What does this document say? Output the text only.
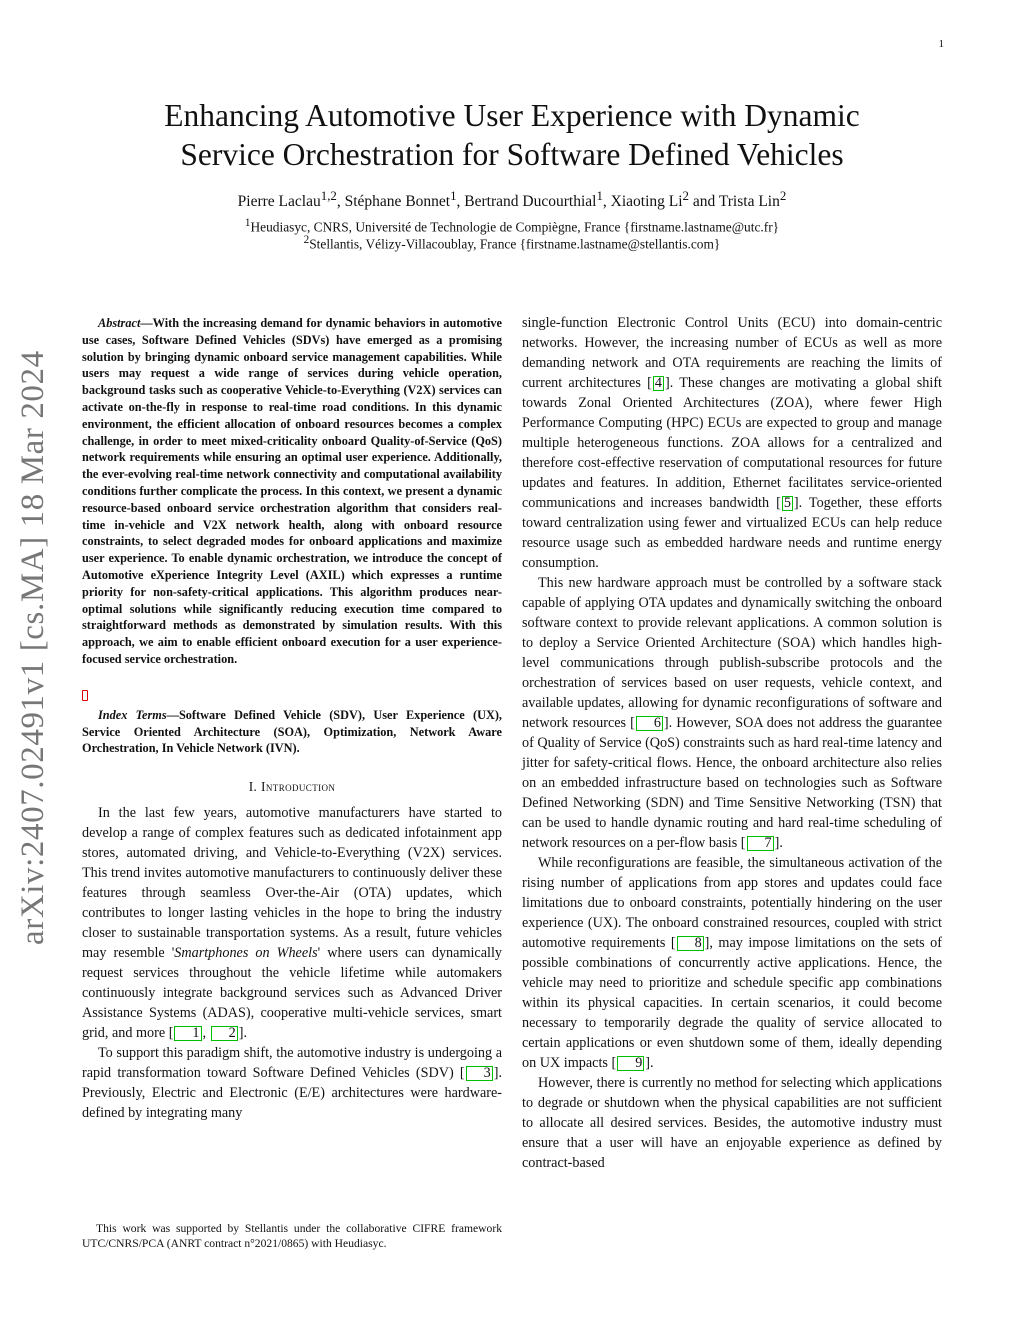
1
arXiv:2407.02491v1 [cs.MA] 18 Mar 2024
Enhancing Automotive User Experience with Dynamic
Service Orchestration for Software Defined Vehicles
Pierre Laclau$^{1,2}$, Stéphane Bonnet$^1$, Bertrand Ducourthial$^1$, Xiaoting Li$^2$ and Trista Lin$^2$
$^1$Heudiasyc, CNRS, Université de Technologie de Compiègne, France {firstname.lastname@utc.fr}
$^2$Stellantis, Vélizy-Villacoublay, France {firstname.lastname@stellantis.com}

Abstract—With the increasing demand for dynamic behaviors in automotive use cases, Software Defined Vehicles (SDVs) have emerged as a promising solution by bringing dynamic onboard service management capabilities. While users may request a wide range of services during vehicle operation, background tasks such as cooperative Vehicle-to-Everything (V2X) services can activate on-the-fly in response to real-time road conditions. In this dynamic environment, the efficient allocation of onboard resources becomes a complex challenge, in order to meet mixed-criticality onboard Quality-of-Service (QoS) network requirements while ensuring an optimal user experience. Additionally, the ever-evolving real-time network connectivity and computational availability conditions further complicate the process. In this context, we present a dynamic resource-based onboard service orchestration algorithm that considers real-time in-vehicle and V2X network health, along with onboard resource constraints, to select degraded modes for onboard applications and maximize user experience. To enable dynamic orchestration, we introduce the concept of Automotive eXperience Integrity Level (AXIL) which expresses a runtime priority for non-safety-critical applications. This algorithm produces near-optimal solutions while significantly reducing execution time compared to straightforward methods as demonstrated by simulation results. With this approach, we aim to enable efficient onboard execution for a user experience-focused service orchestration.

Index Terms—Software Defined Vehicle (SDV), User Experience (UX), Service Oriented Architecture (SOA), Optimization, Network Aware Orchestration, In Vehicle Network (IVN).

I. Introduction

In the last few years, automotive manufacturers have started to develop a range of complex features such as dedicated infotainment app stores, automated driving, and Vehicle-to-Everything (V2X) services. This trend invites automotive manufacturers to continuously deliver these features through seamless Over-the-Air (OTA) updates, which contributes to longer lasting vehicles in the hope to bring the industry closer to sustainable transportation systems. As a result, future vehicles may resemble 'Smartphones on Wheels' where users can dynamically request services throughout the vehicle lifetime while automakers continuously integrate background services such as Advanced Driver Assistance Systems (ADAS), cooperative multi-vehicle services, smart grid, and more [ 1 , 2 ].

To support this paradigm shift, the automotive industry is undergoing a rapid transformation toward Software Defined Vehicles (SDV) [ 3 ]. Previously, Electric and Electronic (E/E) architectures were hardware-defined by integrating many

single-function Electronic Control Units (ECU) into domain-centric networks. However, the increasing number of ECUs as well as more demanding network and OTA requirements are reaching the limits of current architectures [ 4 ]. These changes are motivating a global shift towards Zonal Oriented Architectures (ZOA), where fewer High Performance Computing (HPC) ECUs are expected to group and manage multiple heterogeneous functions. ZOA allows for a centralized and therefore cost-effective reservation of computational resources for future updates and features. In addition, Ethernet facilitates service-oriented communications and increases bandwidth [ 5 ]. Together, these efforts toward centralization using fewer and virtualized ECUs can help reduce resource usage such as embedded hardware needs and runtime energy consumption.

This new hardware approach must be controlled by a software stack capable of applying OTA updates and dynamically switching the onboard software context to provide relevant applications. A common solution is to deploy a Service Oriented Architecture (SOA) which handles high-level communications through publish-subscribe protocols and the orchestration of services based on user requests, vehicle context, and available updates, allowing for dynamic reconfigurations of software and network resources [ 6 ]. However, SOA does not address the guarantee of Quality of Service (QoS) constraints such as hard real-time latency and jitter for safety-critical flows. Hence, the onboard architecture also relies on an embedded infrastructure based on technologies such as Software Defined Networking (SDN) and Time Sensitive Networking (TSN) that can be used to handle dynamic routing and hard real-time scheduling of network resources on a per-flow basis [ 7 ].

While reconfigurations are feasible, the simultaneous activation of the rising number of applications from app stores and updates could face limitations due to onboard constraints, potentially hindering on the user experience (UX). The onboard constrained resources, coupled with strict automotive requirements [ 8 ], may impose limitations on the sets of possible combinations of concurrently active applications. Hence, the vehicle may need to prioritize and schedule specific app combinations within its physical capacities. In certain scenarios, it could become necessary to temporarily degrade the quality of service allocated to certain applications or even shutdown some of them, ideally depending on UX impacts [ 9 ].

However, there is currently no method for selecting which applications to degrade or shutdown when the physical capabilities are not sufficient to allocate all desired services. Besides, the automotive industry must ensure that a user will have an enjoyable experience as defined by contract-based

This work was supported by Stellantis under the collaborative CIFRE framework UTC/CNRS/PCA (ANRT contract n°2021/0865) with Heudiasyc.
